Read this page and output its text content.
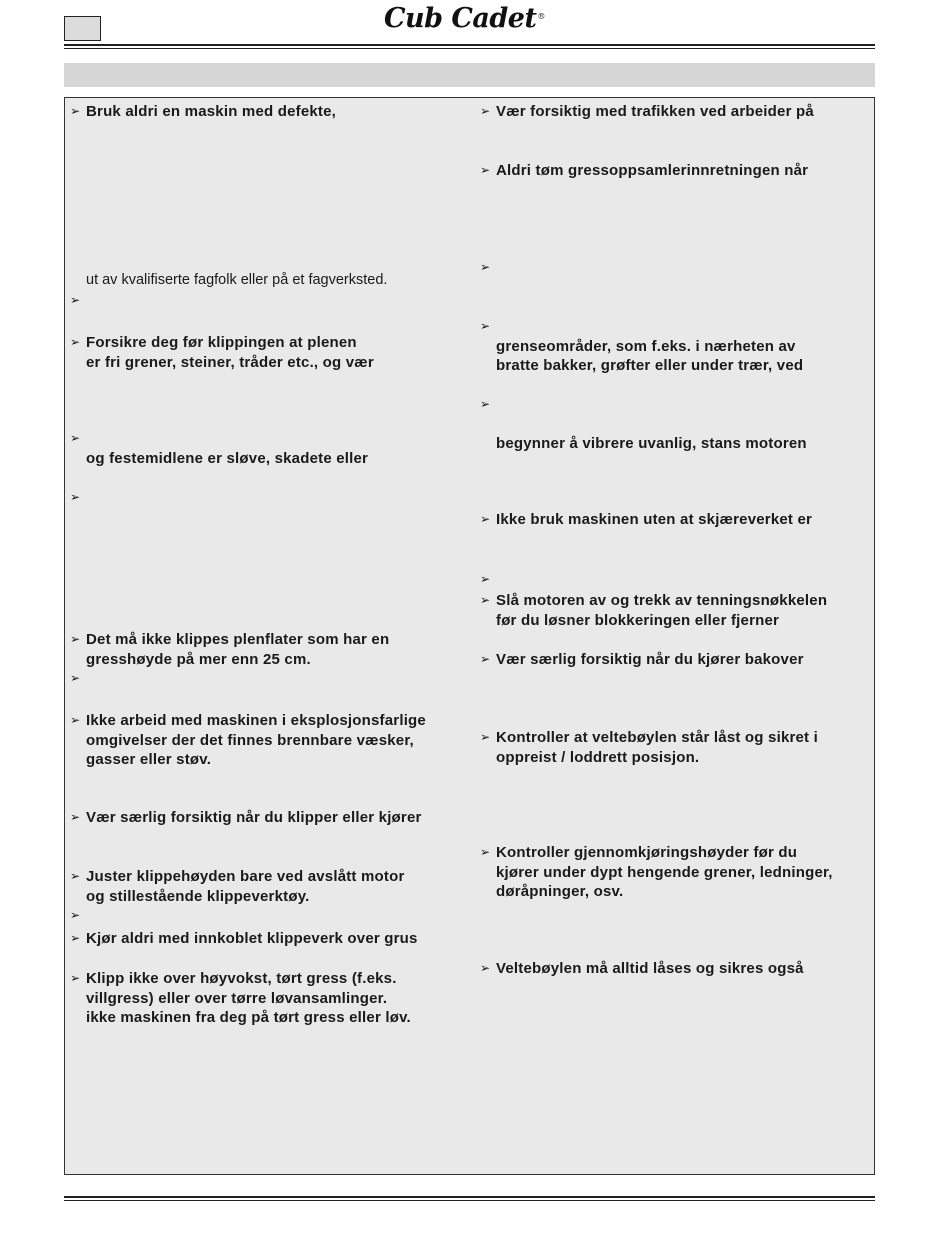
Cub Cadet®
➢ Bruk aldri en maskin med defekte,
ut av kvalifiserte fagfolk eller på et fagverksted.
➢
➢ Forsikre deg før klippingen at plenen
er fri grener, steiner, tråder etc., og vær
➢
og festemidlene er sløve, skadete eller
➢
➢ Det må ikke klippes plenflater som har en
gresshøyde på mer enn 25 cm.
➢
➢ Ikke arbeid med maskinen i eksplosjonsfarlige
omgivelser der det finnes brennbare væsker,
gasser eller støv.
➢ Vær særlig forsiktig når du klipper eller kjører
➢ Juster klippehøyden bare ved avslått motor
og stillestående klippeverktøy.
➢
➢ Kjør aldri med innkoblet klippeverk over grus
➢ Klipp ikke over høyvokst, tørt gress (f.eks.
villgress) eller over tørre løvansamlinger.
ikke maskinen fra deg på tørt gress eller løv.
➢ Vær forsiktig med trafikken ved arbeider på
➢ Aldri tøm gressoppsamlerinnretningen når
➢
➢
grenseområder, som f.eks. i nærheten av
bratte bakker, grøfter eller under trær, ved
➢
begynner å vibrere uvanlig, stans motoren
➢ Ikke bruk maskinen uten at skjæreverket er
➢
➢ Slå motoren av og trekk av tenningsnøkkelen
før du løsner blokkeringen eller fjerner
➢ Vær særlig forsiktig når du kjører bakover
➢ Kontroller at veltebøylen står låst og sikret i
oppreist / loddrett posisjon.
➢ Kontroller gjennomkjøringshøyder før du
kjører under dypt hengende grener, ledninger,
døråpninger, osv.
➢ Veltebøylen må alltid låses og sikres også
